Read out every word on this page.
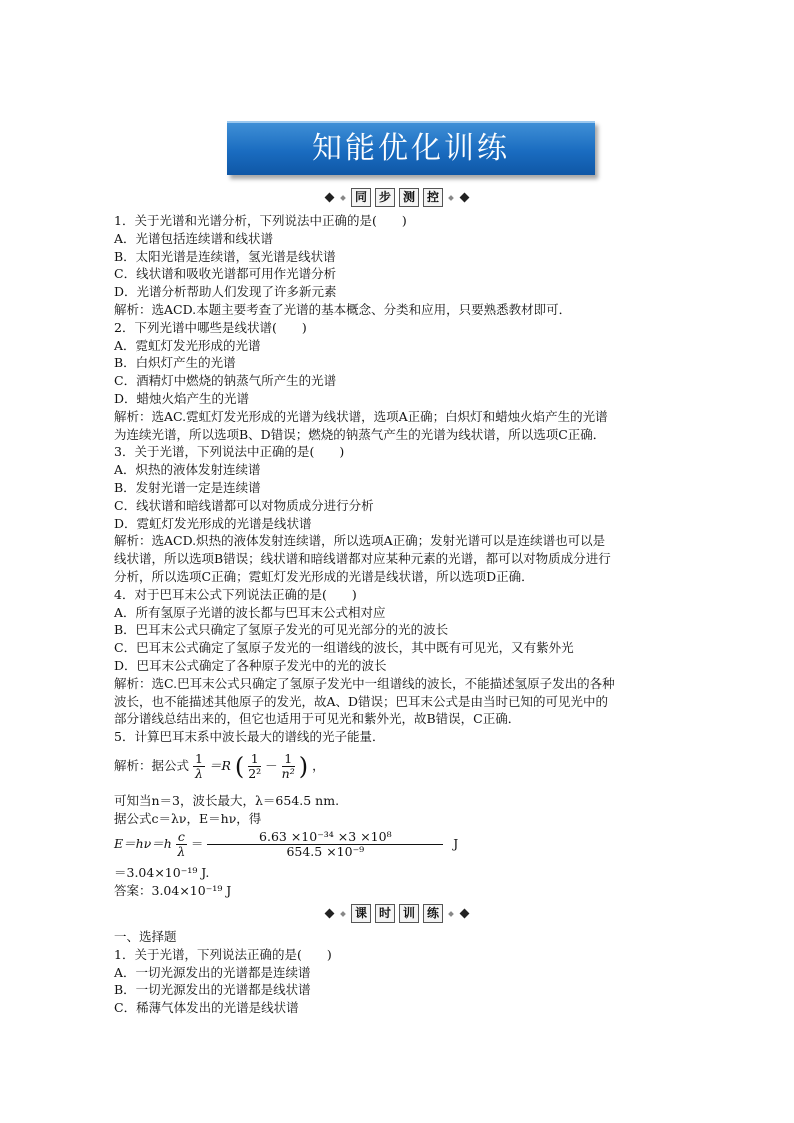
知能优化训练
同 步 测 控
1．关于光谱和光谱分析，下列说法中正确的是(　　)
A．光谱包括连续谱和线状谱
B．太阳光谱是连续谱，氢光谱是线状谱
C．线状谱和吸收光谱都可用作光谱分析
D．光谱分析帮助人们发现了许多新元素
解析：选ACD.本题主要考查了光谱的基本概念、分类和应用，只要熟悉教材即可．
2．下列光谱中哪些是线状谱(　　)
A．霓虹灯发光形成的光谱
B．白炽灯产生的光谱
C．酒精灯中燃烧的钠蒸气所产生的光谱
D．蜡烛火焰产生的光谱
解析：选AC.霓虹灯发光形成的光谱为线状谱，选项A正确；白炽灯和蜡烛火焰产生的光谱
为连续光谱，所以选项B、D错误；燃烧的钠蒸气产生的光谱为线状谱，所以选项C正确．
3．关于光谱，下列说法中正确的是(　　)
A．炽热的液体发射连续谱
B．发射光谱一定是连续谱
C．线状谱和暗线谱都可以对物质成分进行分析
D．霓虹灯发光形成的光谱是线状谱
解析：选ACD.炽热的液体发射连续谱，所以选项A正确；发射光谱可以是连续谱也可以是
线状谱，所以选项B错误；线状谱和暗线谱都对应某种元素的光谱，都可以对物质成分进行
分析，所以选项C正确；霓虹灯发光形成的光谱是线状谱，所以选项D正确．
4．对于巴耳末公式下列说法正确的是(　　)
A．所有氢原子光谱的波长都与巴耳末公式相对应
B．巴耳末公式只确定了氢原子发光的可见光部分的光的波长
C．巴耳末公式确定了氢原子发光的一组谱线的波长，其中既有可见光，又有紫外光
D．巴耳末公式确定了各种原子发光中的光的波长
解析：选C.巴耳末公式只确定了氢原子发光中一组谱线的波长，不能描述氢原子发出的各种
波长，也不能描述其他原子的发光，故A、D错误；巴耳末公式是由当时已知的可见光中的
部分谱线总结出来的，但它也适用于可见光和紫外光，故B错误，C正确．
5．计算巴耳末系中波长最大的谱线的光子能量．
解析：据公式 $\frac{1}{\lambda} =R$ ( $\frac{1}{\text{2²}} - \frac{1}{\text{n²}}$ ) ，
可知当n＝3，波长最大，λ＝654.5 nm.
据公式c＝λν，E＝hν，得
$E=h\nu=h \frac{c}{\lambda} = \frac{\text{6.63 ×10⁻³⁴ ×3 ×10⁸}}{\text{654.5 ×10⁻⁹}}$ J
＝3.04×10⁻¹⁹ J.
答案：3.04×10⁻¹⁹ J
课 时 训 练
一、选择题
1．关于光谱，下列说法正确的是(　　)
A．一切光源发出的光谱都是连续谱
B．一切光源发出的光谱都是线状谱
C．稀薄气体发出的光谱是线状谱
